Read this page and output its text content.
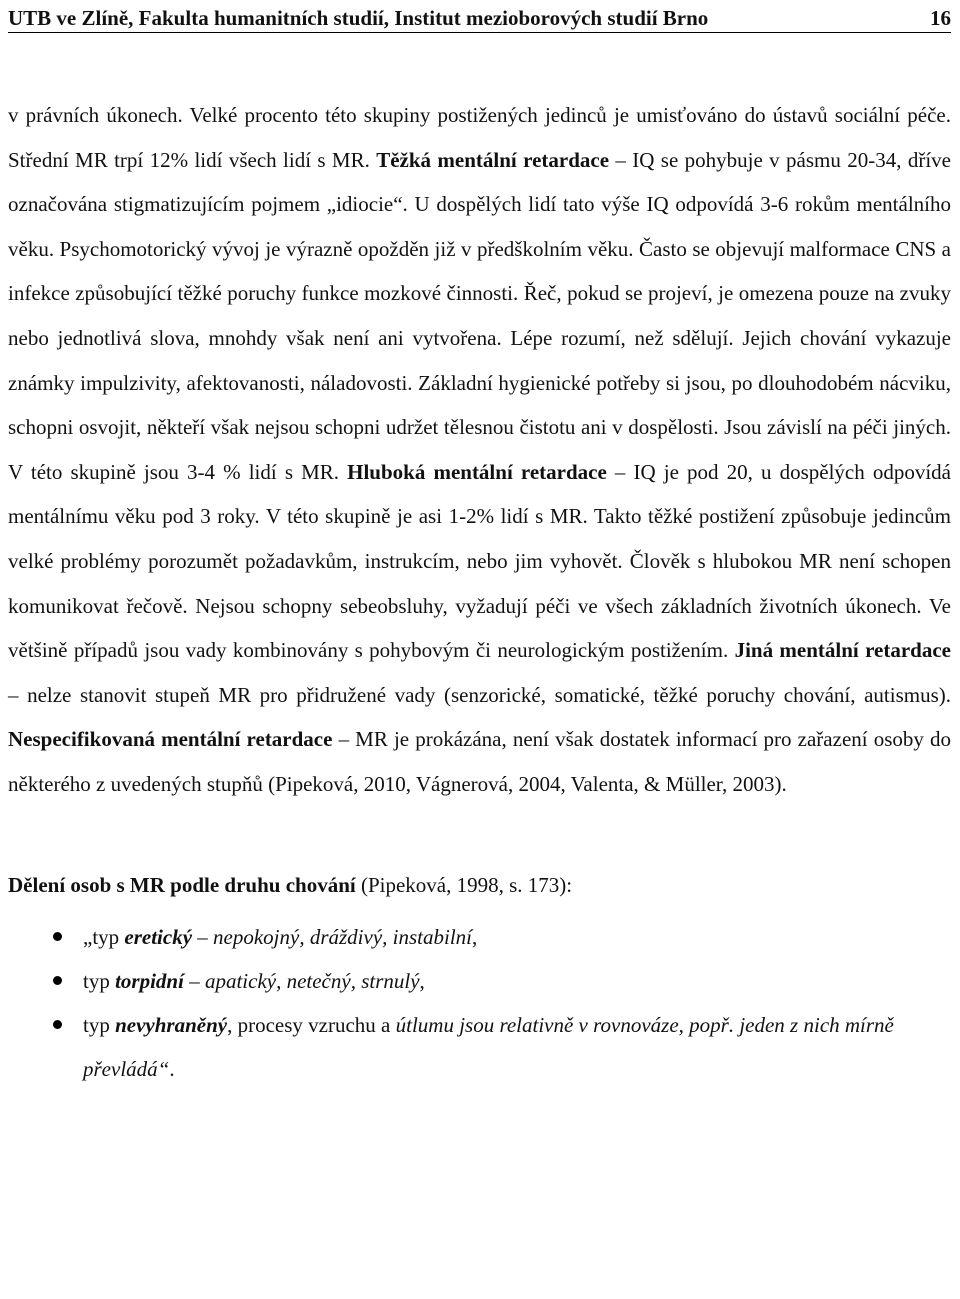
UTB ve Zlíně, Fakulta humanitních studií, Institut mezioborových studií Brno	16

v právních úkonech. Velké procento této skupiny postižených jedinců je umisťováno do ústavů sociální péče. Střední MR trpí 12% lidí všech lidí s MR. Těžká mentální retardace – IQ se pohybuje v pásmu 20-34, dříve označována stigmatizujícím pojmem „idiocie“. U dospělých lidí tato výše IQ odpovídá 3-6 rokům mentálního věku. Psychomotorický vývoj je výrazně opožděn již v předškolním věku. Často se objevují malformace CNS a infekce způsobující těžké poruchy funkce mozkové činnosti. Řeč, pokud se projeví, je omezena pouze na zvuky nebo jednotlivá slova, mnohdy však není ani vytvořena. Lépe rozumí, než sdělují. Jejich chování vykazuje známky impulzivity, afektovanosti, náladovosti. Základní hygienické potřeby si jsou, po dlouhodobém nácviku, schopni osvojit, někteří však nejsou schopni udržet tělesnou čistotu ani v dospělosti. Jsou závislí na péči jiných. V této skupině jsou 3-4 % lidí s MR. Hluboká mentální retardace – IQ je pod 20, u dospělých odpovídá mentálnímu věku pod 3 roky. V této skupině je asi 1-2% lidí s MR. Takto těžké postižení způsobuje jedincům velké problémy porozumět požadavkům, instrukcím, nebo jim vyhovět. Člověk s hlubokou MR není schopen komunikovat řečově. Nejsou schopny sebeobsluhy, vyžadují péči ve všech základních životních úkonech. Ve většině případů jsou vady kombinovány s pohybovým či neurologickým postižením. Jiná mentální retardace – nelze stanovit stupeň MR pro přidružené vady (senzorické, somatické, těžké poruchy chování, autismus). Nespecifikovaná mentální retardace – MR je prokázána, není však dostatek informací pro zařazení osoby do některého z uvedených stupňů (Pipeková, 2010, Vágnerová, 2004, Valenta, & Müller, 2003).

Dělení osob s MR podle druhu chování (Pipeková, 1998, s. 173):

„typ eretický – nepokojný, dráždivý, instabilní,
typ torpidní – apatický, netečný, strnulý,
typ nevyhraněný, procesy vzruchu a útlumu jsou relativně v rovnováze, popř. jeden z nich mírně převládá“.
